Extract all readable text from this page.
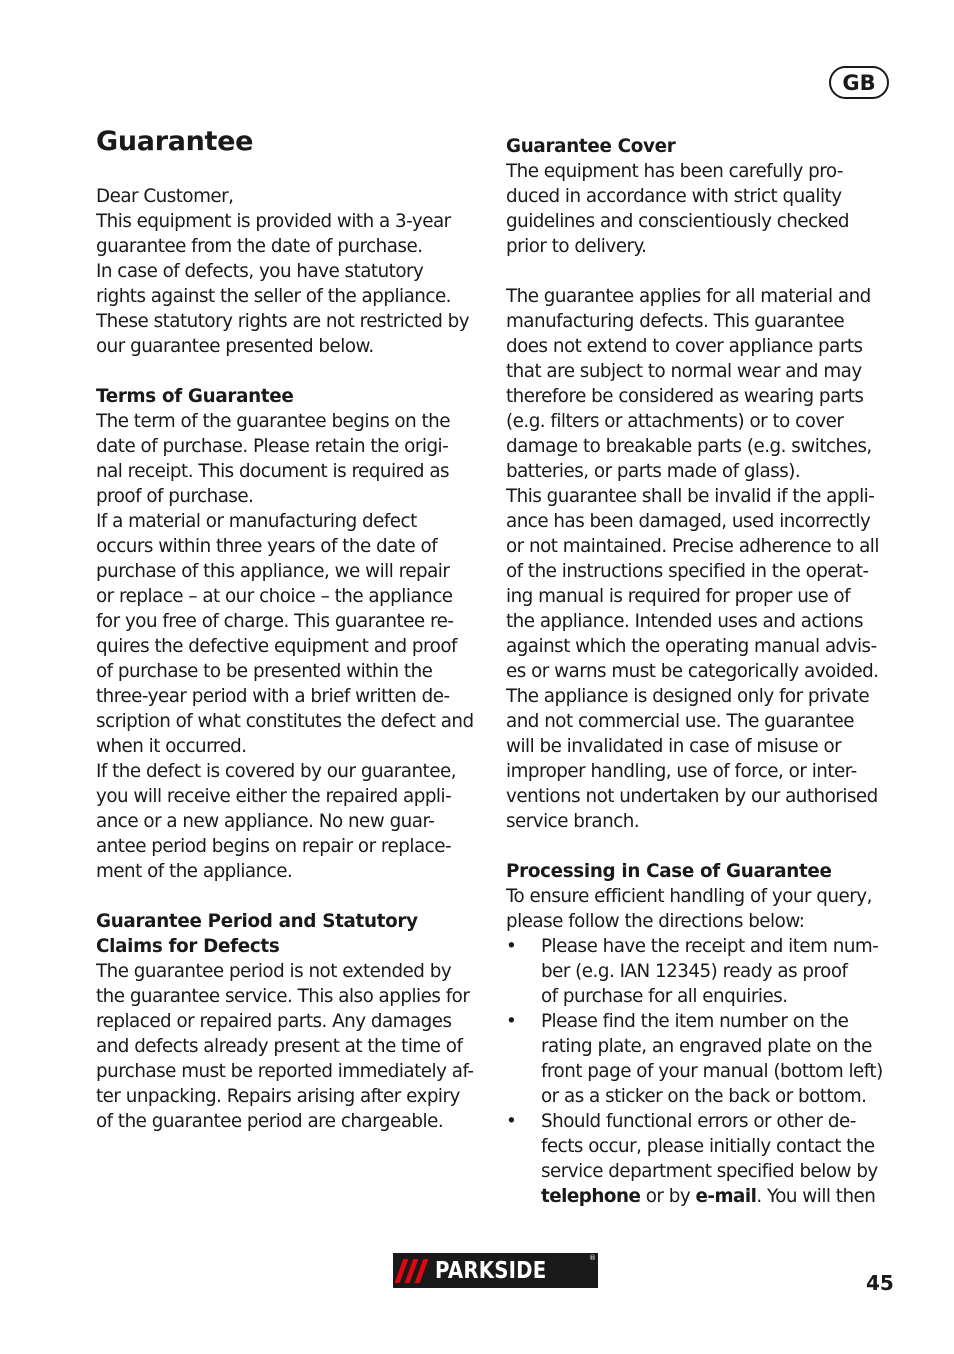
GB
Guarantee
Dear Customer,
This equipment is provided with a 3-year
guarantee from the date of purchase.
In case of defects, you have statutory
rights against the seller of the appliance.
These statutory rights are not restricted by
our guarantee presented below.
Terms of Guarantee
The term of the guarantee begins on the
date of purchase. Please retain the origi-
nal receipt. This document is required as
proof of purchase.
If a material or manufacturing defect
occurs within three years of the date of
purchase of this appliance, we will repair
or replace – at our choice – the appliance
for you free of charge. This guarantee re-
quires the defective equipment and proof
of purchase to be presented within the
three-year period with a brief written de-
scription of what constitutes the defect and
when it occurred.
If the defect is covered by our guarantee,
you will receive either the repaired appli-
ance or a new appliance. No new guar-
antee period begins on repair or replace-
ment of the appliance.
Guarantee Period and Statutory
Claims for Defects
The guarantee period is not extended by
the guarantee service. This also applies for
replaced or repaired parts. Any damages
and defects already present at the time of
purchase must be reported immediately af-
ter unpacking. Repairs arising after expiry
of the guarantee period are chargeable.
Guarantee Cover
The equipment has been carefully pro-
duced in accordance with strict quality
guidelines and conscientiously checked
prior to delivery.
The guarantee applies for all material and
manufacturing defects. This guarantee
does not extend to cover appliance parts
that are subject to normal wear and may
therefore be considered as wearing parts
(e.g. filters or attachments) or to cover
damage to breakable parts (e.g. switches,
batteries, or parts made of glass).
This guarantee shall be invalid if the appli-
ance has been damaged, used incorrectly
or not maintained. Precise adherence to all
of the instructions specified in the operat-
ing manual is required for proper use of
the appliance. Intended uses and actions
against which the operating manual advis-
es or warns must be categorically avoided.
The appliance is designed only for private
and not commercial use. The guarantee
will be invalidated in case of misuse or
improper handling, use of force, or inter-
ventions not undertaken by our authorised
service branch.
Processing in Case of Guarantee
To ensure efficient handling of your query,
please follow the directions below:
• Please have the receipt and item num-
ber (e.g. IAN 12345) ready as proof
of purchase for all enquiries.
• Please find the item number on the
rating plate, an engraved plate on the
front page of your manual (bottom left)
or as a sticker on the back or bottom.
• Should functional errors or other de-
fects occur, please initially contact the
service department specified below by
telephone or by e-mail. You will then
PARKSIDE	®
45
